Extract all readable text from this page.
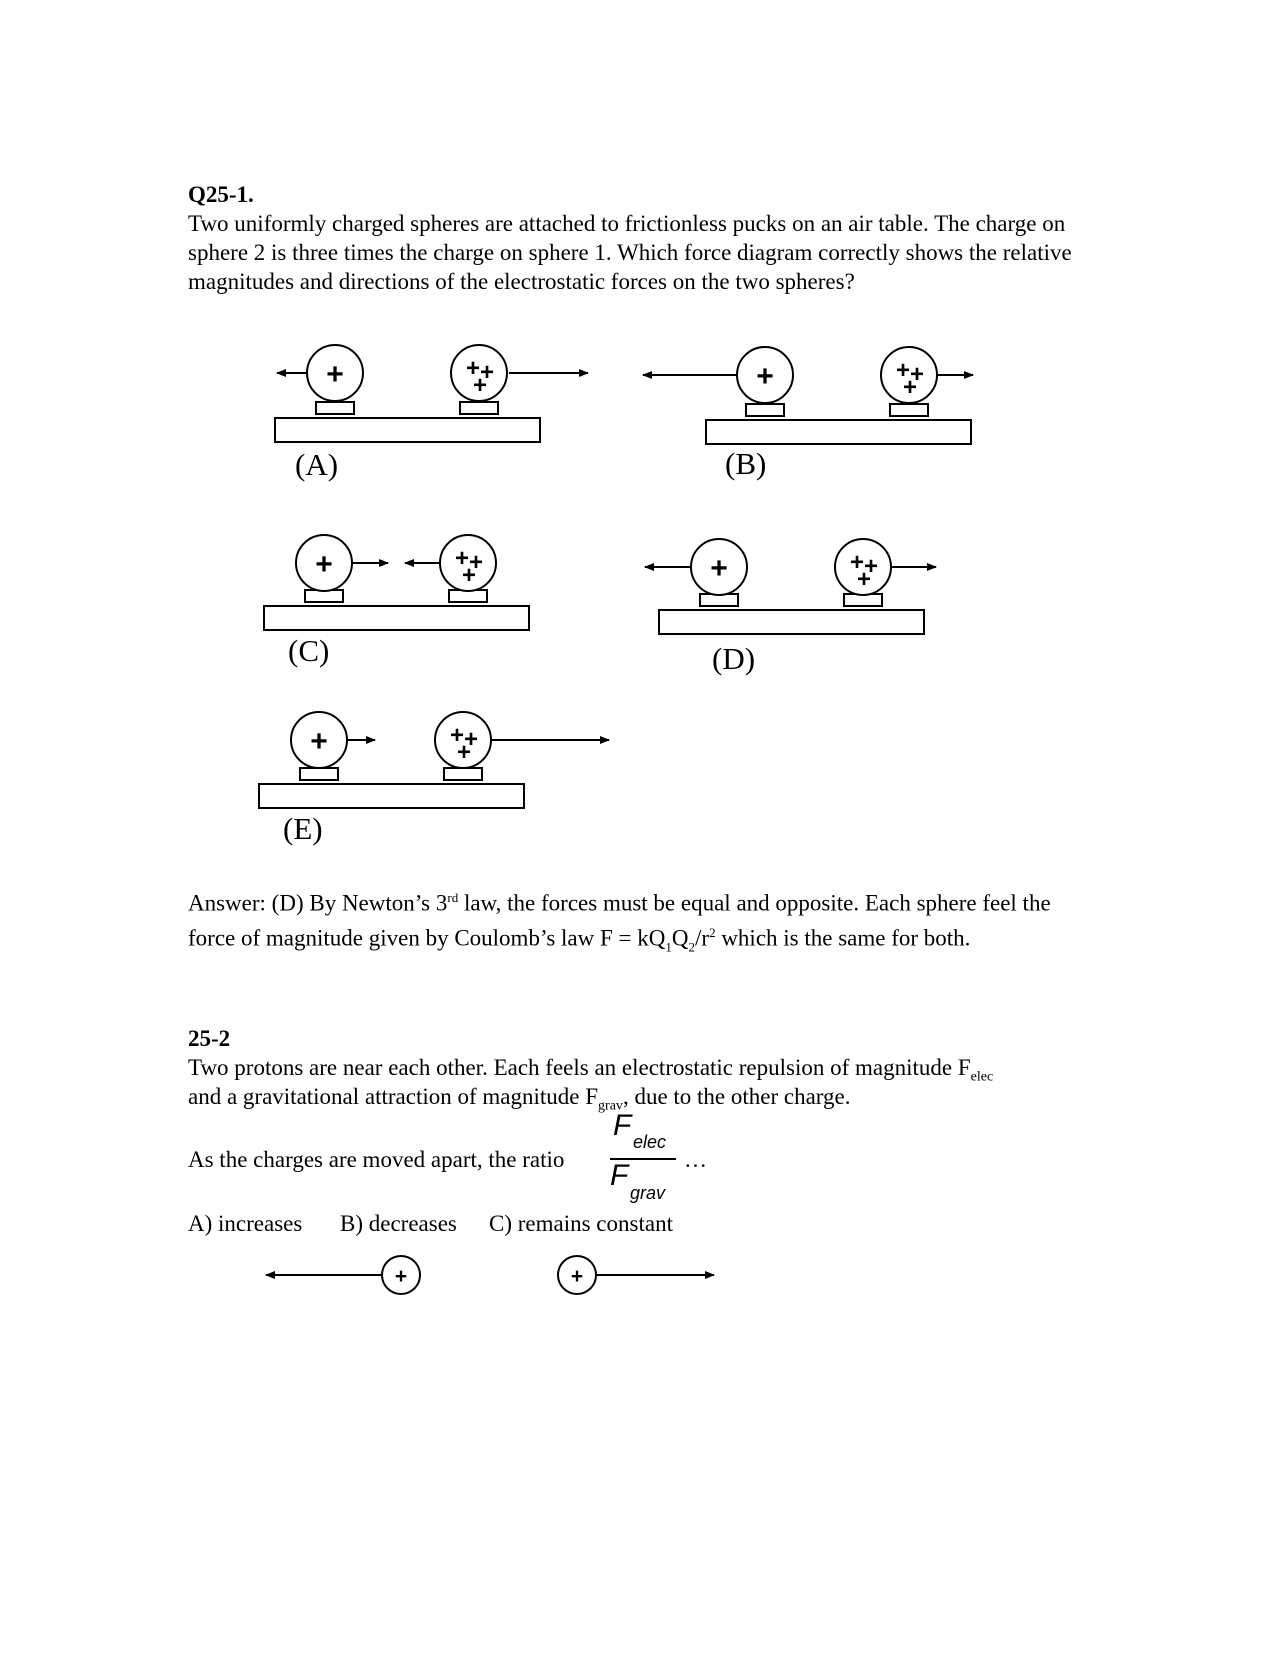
Q25-1.
Two uniformly charged spheres are attached to frictionless pucks on an air table. The charge on sphere 2 is three times the charge on sphere 1. Which force diagram correctly shows the relative magnitudes and directions of the electrostatic forces on the two spheres?
+	+ +
+
(A)
+	+ +
+
(B)
+	+ +
+
(C)
+	+ +
+
(D)
+	+ +
+
(E)
+	+
Answer: (D) By Newton’s 3rd law, the forces must be equal and opposite. Each sphere feel the force of magnitude given by Coulomb’s law $F = kQ_1Q_2/r^2$ which is the same for both.
25-2
Two protons are near each other. Each feels an electrostatic repulsion of magnitude $F_{elec}$
and a gravitational attraction of magnitude $F_{grav}$, due to the other charge.
As the charges are moved apart, the ratio
F elec
F
grav
…
A) increases B) decreases C) remains constant
